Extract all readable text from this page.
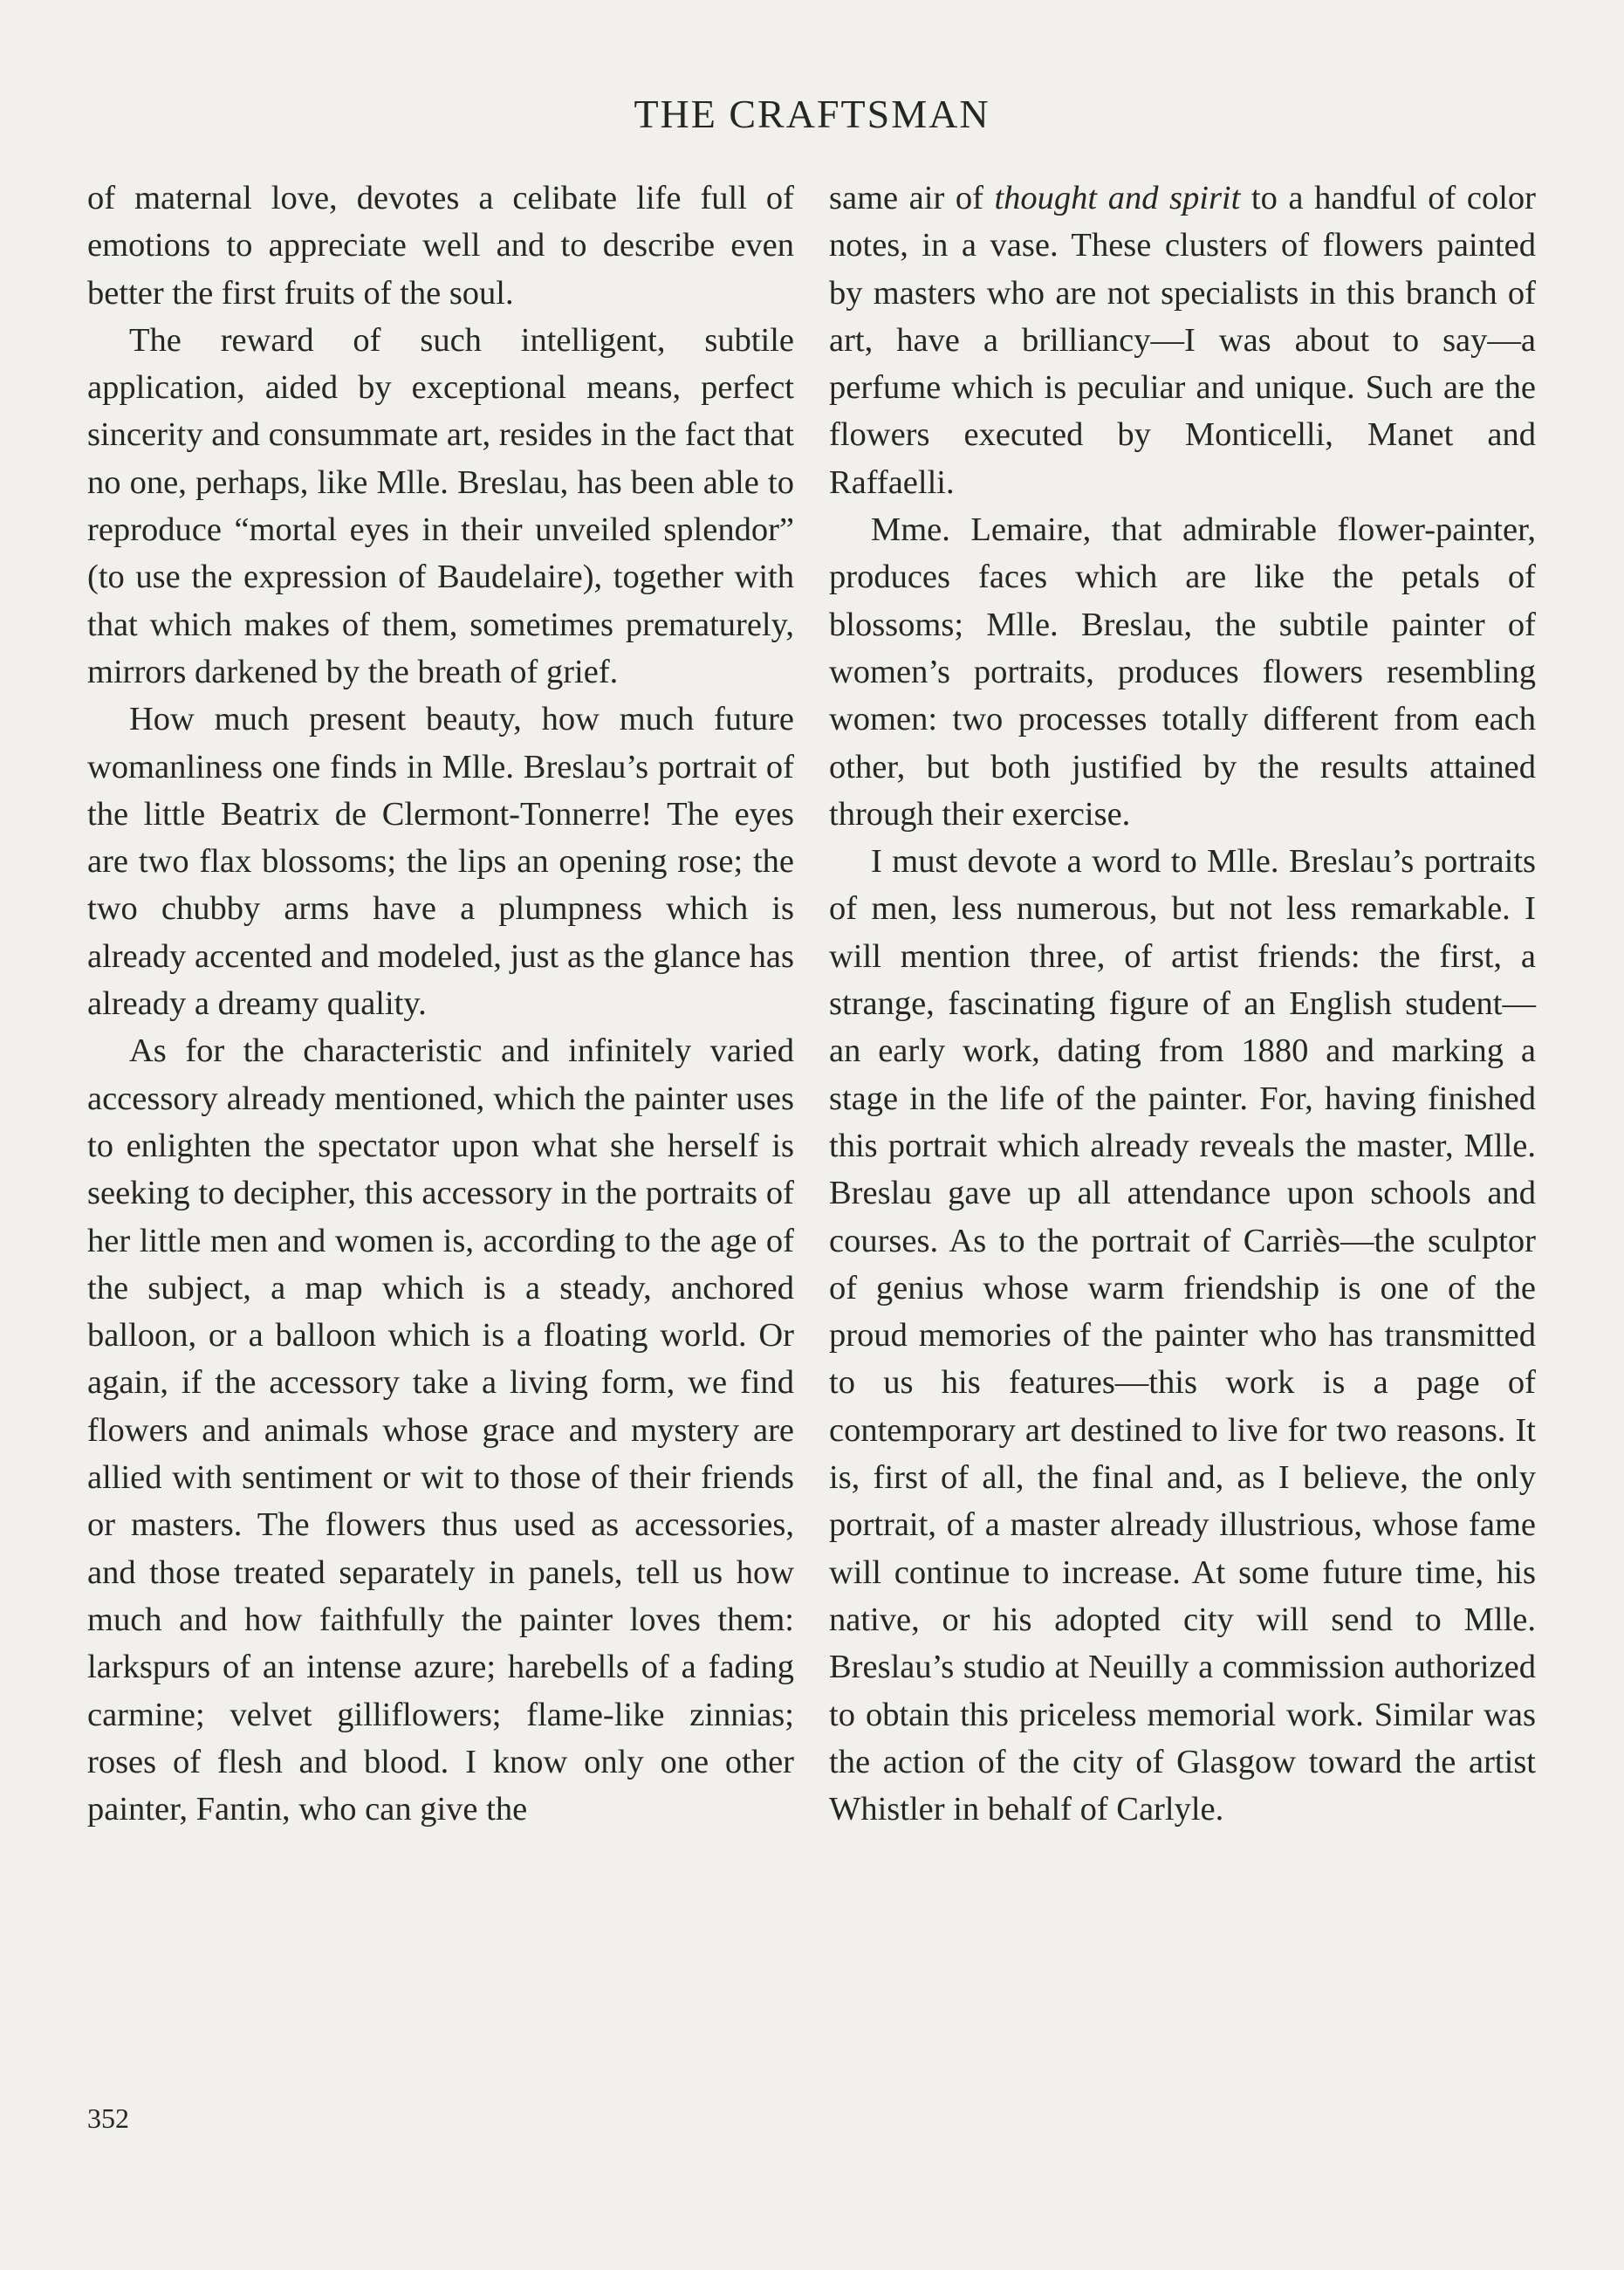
THE CRAFTSMAN

of maternal love, devotes a celibate life full of emotions to appreciate well and to describe even better the first fruits of the soul.

The reward of such intelligent, subtile application, aided by exceptional means, perfect sincerity and consummate art, resides in the fact that no one, perhaps, like Mlle. Breslau, has been able to reproduce “mortal eyes in their unveiled splendor” (to use the expression of Baudelaire), together with that which makes of them, sometimes prematurely, mirrors darkened by the breath of grief.

How much present beauty, how much future womanliness one finds in Mlle. Breslau’s portrait of the little Beatrix de Clermont-Tonnerre! The eyes are two flax blossoms; the lips an opening rose; the two chubby arms have a plumpness which is already accented and modeled, just as the glance has already a dreamy quality.

As for the characteristic and infinitely varied accessory already mentioned, which the painter uses to enlighten the spectator upon what she herself is seeking to decipher, this accessory in the portraits of her little men and women is, according to the age of the subject, a map which is a steady, anchored balloon, or a balloon which is a floating world. Or again, if the accessory take a living form, we find flowers and animals whose grace and mystery are allied with sentiment or wit to those of their friends or masters. The flowers thus used as accessories, and those treated separately in panels, tell us how much and how faithfully the painter loves them: larkspurs of an intense azure; harebells of a fading carmine; velvet gilliflowers; flame-like zinnias; roses of flesh and blood. I know only one other painter, Fantin, who can give the

same air of thought and spirit to a handful of color notes, in a vase. These clusters of flowers painted by masters who are not specialists in this branch of art, have a brilliancy—I was about to say—a perfume which is peculiar and unique. Such are the flowers executed by Monticelli, Manet and Raffaelli.

Mme. Lemaire, that admirable flower-painter, produces faces which are like the petals of blossoms; Mlle. Breslau, the subtile painter of women’s portraits, produces flowers resembling women: two processes totally different from each other, but both justified by the results attained through their exercise.

I must devote a word to Mlle. Breslau’s portraits of men, less numerous, but not less remarkable. I will mention three, of artist friends: the first, a strange, fascinating figure of an English student—an early work, dating from 1880 and marking a stage in the life of the painter. For, having finished this portrait which already reveals the master, Mlle. Breslau gave up all attendance upon schools and courses. As to the portrait of Carriès—the sculptor of genius whose warm friendship is one of the proud memories of the painter who has transmitted to us his features—this work is a page of contemporary art destined to live for two reasons. It is, first of all, the final and, as I believe, the only portrait, of a master already illustrious, whose fame will continue to increase. At some future time, his native, or his adopted city will send to Mlle. Breslau’s studio at Neuilly a commission authorized to obtain this priceless memorial work. Similar was the action of the city of Glasgow toward the artist Whistler in behalf of Carlyle.

352
